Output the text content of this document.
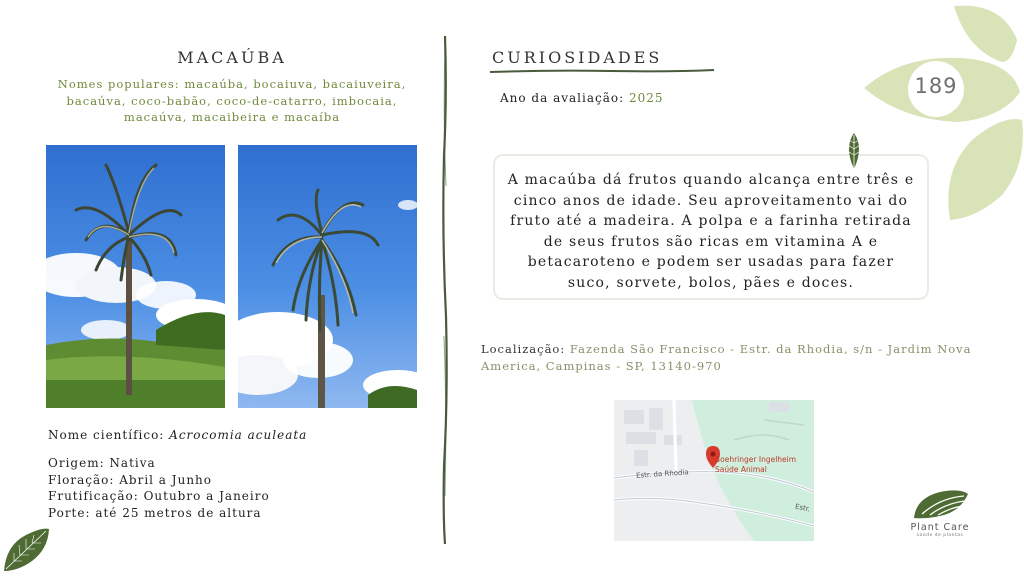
MACAÚBA
Nomes populares: macaúba, bocaiuva, bacaiuveira, bacaúva, coco-babão, coco-de-catarro, imbocaia, macaúva, macaibeira e macaíba
Nome científico: Acrocomia aculeata
Origem: Nativa
Floração: Abril a Junho
Frutificação: Outubro a Janeiro
Porte: até 25 metros de altura
CURIOSIDADES
Ano da avaliação: 2025
A macaúba dá frutos quando alcança entre três e cinco anos de idade. Seu aproveitamento vai do fruto até a madeira. A polpa e a farinha retirada de seus frutos são ricas em vitamina A e betacaroteno e podem ser usadas para fazer suco, sorvete, bolos, pães e doces.
Localização: Fazenda São Francisco - Estr. da Rhodia, s/n - Jardim Nova America, Campinas - SP, 13140-970
Boehringer Ingelheim
Saúde Animal
Estr. da Rhodia
Estr.
189
Plant Care
saúde de plantas
